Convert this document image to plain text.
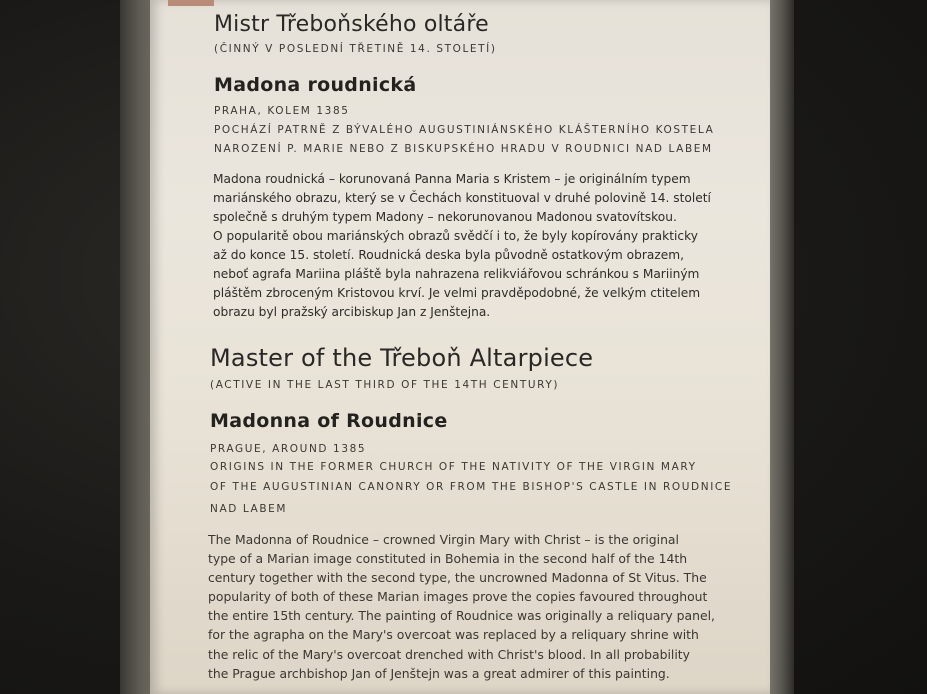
Mistr Třeboňského oltáře
(ČINNÝ V POSLEDNÍ TŘETINĚ 14. STOLETÍ)
Madona roudnická
PRAHA, KOLEM 1385
POCHÁZÍ PATRNĚ Z BÝVALÉHO AUGUSTINIÁNSKÉHO KLÁŠTERNÍHO KOSTELA
NAROZENÍ P. MARIE NEBO Z BISKUPSKÉHO HRADU V ROUDNICI NAD LABEM

Madona roudnická – korunovaná Panna Maria s Kristem – je originálním typem

mariánského obrazu, který se v Čechách konstituoval v druhé polovině 14. století

společně s druhým typem Madony – nekorunovanou Madonou svatovítskou.

O popularitě obou mariánských obrazů svědčí i to, že byly kopírovány prakticky

až do konce 15. století. Roudnická deska byla původně ostatkovým obrazem,

neboť agrafa Mariina pláště byla nahrazena relikviářovou schránkou s Mariiným

pláštěm zbroceným Kristovou krví. Je velmi pravděpodobné, že velkým ctitelem

obrazu byl pražský arcibiskup Jan z Jenštejna.

Master of the Třeboň Altarpiece
(ACTIVE IN THE LAST THIRD OF THE 14TH CENTURY)
Madonna of Roudnice
PRAGUE, AROUND 1385
ORIGINS IN THE FORMER CHURCH OF THE NATIVITY OF THE VIRGIN MARY
OF THE AUGUSTINIAN CANONRY OR FROM THE BISHOP'S CASTLE IN ROUDNICE
NAD LABEM

The Madonna of Roudnice – crowned Virgin Mary with Christ – is the original

type of a Marian image constituted in Bohemia in the second half of the 14th

century together with the second type, the uncrowned Madonna of St Vitus. The

popularity of both of these Marian images prove the copies favoured throughout

the entire 15th century. The painting of Roudnice was originally a reliquary panel,

for the agrapha on the Mary's overcoat was replaced by a reliquary shrine with

the relic of the Mary's overcoat drenched with Christ's blood. In all probability

the Prague archbishop Jan of Jenštejn was a great admirer of this painting.
